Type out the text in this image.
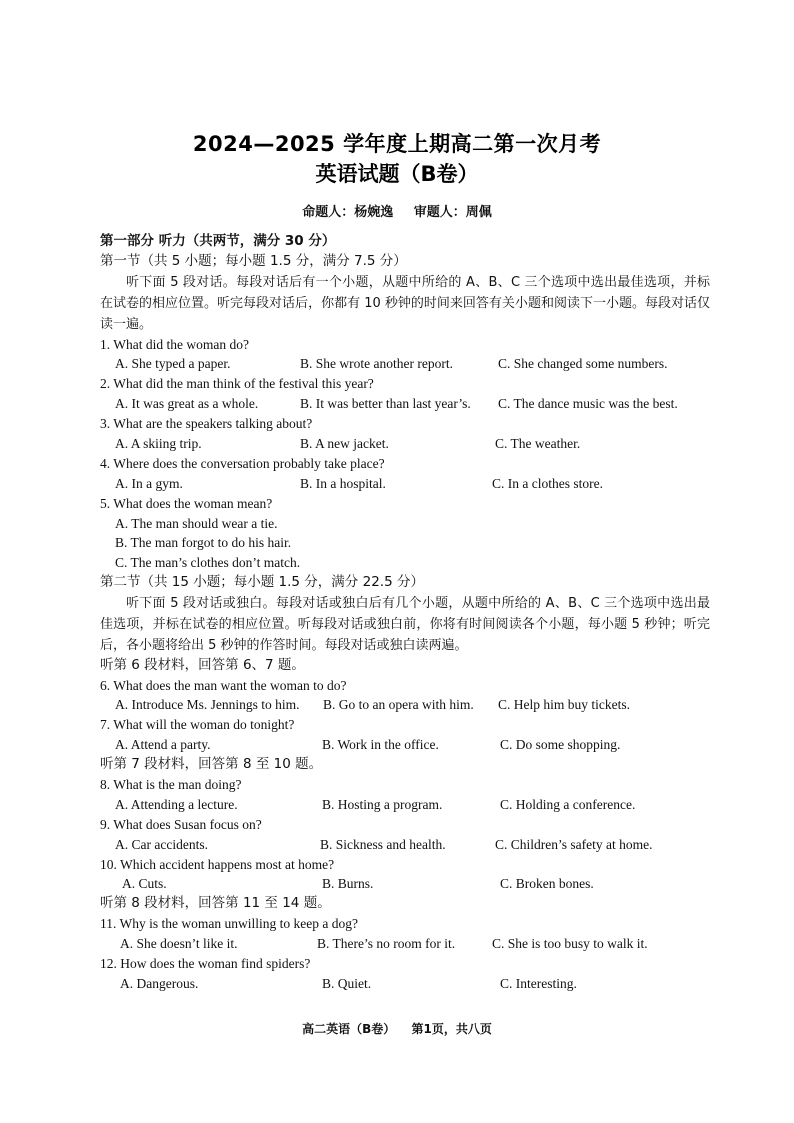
2024—2025 学年度上期高二第一次月考
英语试题（B卷）
命题人：杨婉逸 审题人：周佩
第一部分 听力（共两节，满分 30 分）
第一节（共 5 小题；每小题 1.5 分，满分 7.5 分）
听下面 5 段对话。每段对话后有一个小题，从题中所给的 A、B、C 三个选项中选出最佳选项，并标在试卷的相应位置。听完每段对话后，你都有 10 秒钟的时间来回答有关小题和阅读下一小题。每段对话仅读一遍。
1. What did the woman do?
A. She typed a paper.	B. She wrote another report.	C. She changed some numbers.
2. What did the man think of the festival this year?
A. It was great as a whole.	B. It was better than last year’s. C. The dance music was the best.
3. What are the speakers talking about?
A. A skiing trip.	B. A new jacket.	C. The weather.
4. Where does the conversation probably take place?
A. In a gym.	B. In a hospital.	C. In a clothes store.
5. What does the woman mean?
A. The man should wear a tie.
B. The man forgot to do his hair.
C. The man’s clothes don’t match.
第二节（共 15 小题；每小题 1.5 分，满分 22.5 分）
听下面 5 段对话或独白。每段对话或独白后有几个小题，从题中所给的 A、B、C 三个选项中选出最佳选项，并标在试卷的相应位置。听每段对话或独白前，你将有时间阅读各个小题，每小题 5 秒钟；听完后，各小题将给出 5 秒钟的作答时间。每段对话或独白读两遍。
听第 6 段材料，回答第 6、7 题。
6. What does the man want the woman to do?
A. Introduce Ms. Jennings to him. B. Go to an opera with him. C. Help him buy tickets.
7. What will the woman do tonight?
A. Attend a party.	B. Work in the office.	C. Do some shopping.
听第 7 段材料，回答第 8 至 10 题。
8. What is the man doing?
A. Attending a lecture.	B. Hosting a program.	C. Holding a conference.
9. What does Susan focus on?
A. Car accidents.	B. Sickness and health.	C. Children’s safety at home.
10. Which accident happens most at home?
A. Cuts.	B. Burns.	C. Broken bones.
听第 8 段材料，回答第 11 至 14 题。
11. Why is the woman unwilling to keep a dog?
A. She doesn’t like it.	B. There’s no room for it.	C. She is too busy to walk it.
12. How does the woman find spiders?
A. Dangerous.	B. Quiet.	C. Interesting.
高二英语（B卷） 第1页，共八页
